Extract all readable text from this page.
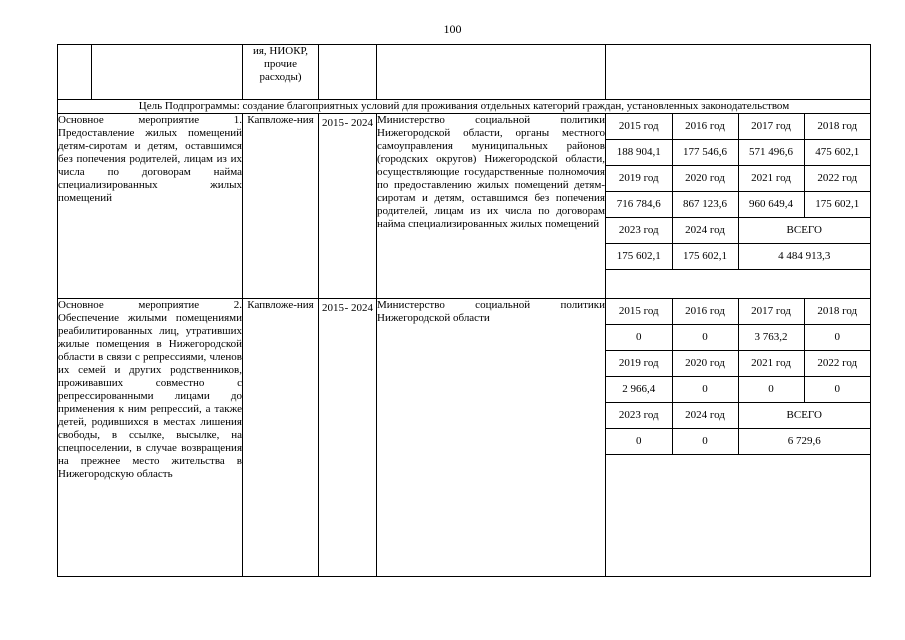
100
		ия, НИОКР, прочие расходы)			
Цель Подпрограммы: создание благоприятных условий для проживания отдельных категорий граждан, установленных законодательством
Основное мероприятие 1. Предоставление жилых помещений детям-сиротам и детям, оставшимся без попечения родителей, лицам из их числа по договорам найма специализированных жилых помещений	Капвложе-ния	2015 - 2024	Министерство социальной политики Нижегородской области, органы местного самоуправления муниципальных районов (городских округов) Нижегородской области, осуществляющие государственные полномочия по предоставлению жилых помещений детям-сиротам и детям, оставшимся без попечения родителей, лицам из их числа по договорам найма специализированных жилых помещений	
2015 год	2016 год	2017 год	2018 год
188 904,1	177 546,6	571 496,6	475 602,1
2019 год	2020 год	2021 год	2022 год
716 784,6	867 123,6	960 649,4	175 602,1
2023 год	2024 год	ВСЕГО
175 602,1	175 602,1	4 484 913,3

Основное мероприятие 2. Обеспечение жилыми помещениями реабилитированных лиц, утративших жилые помещения в Нижегородской области в связи с репрессиями, членов их семей и других родственников, проживавших совместно с репрессированными лицами до применения к ним репрессий, а также детей, родившихся в местах лишения свободы, в ссылке, высылке, на спецпоселении, в случае возвращения на прежнее место жительства в Нижегородскую область	Капвложе-ния	2015 - 2024	Министерство социальной политики Нижегородской области	
2015 год	2016 год	2017 год	2018 год
0	0	3 763,2	0
2019 год	2020 год	2021 год	2022 год
2 966,4	0	0	0
2023 год	2024 год	ВСЕГО
0	0	6 729,6
